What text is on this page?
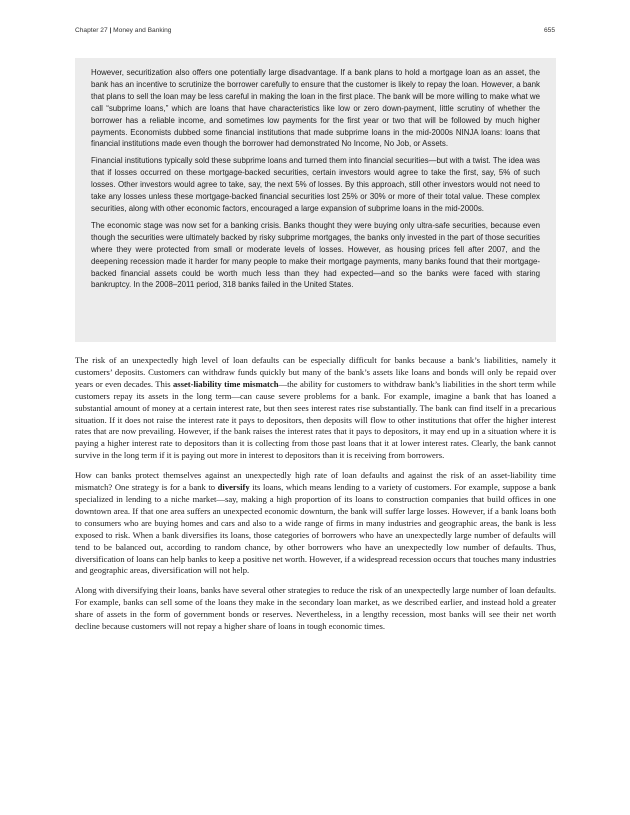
Chapter 27 | Money and Banking	655

However, securitization also offers one potentially large disadvantage. If a bank plans to hold a mortgage loan as an asset, the bank has an incentive to scrutinize the borrower carefully to ensure that the customer is likely to repay the loan. However, a bank that plans to sell the loan may be less careful in making the loan in the first place. The bank will be more willing to make what we call “subprime loans,” which are loans that have characteristics like low or zero down-payment, little scrutiny of whether the borrower has a reliable income, and sometimes low payments for the first year or two that will be followed by much higher payments. Economists dubbed some financial institutions that made subprime loans in the mid-2000s NINJA loans: loans that financial institutions made even though the borrower had demonstrated No Income, No Job, or Assets.

Financial institutions typically sold these subprime loans and turned them into financial securities—but with a twist. The idea was that if losses occurred on these mortgage-backed securities, certain investors would agree to take the first, say, 5% of such losses. Other investors would agree to take, say, the next 5% of losses. By this approach, still other investors would not need to take any losses unless these mortgage-backed financial securities lost 25% or 30% or more of their total value. These complex securities, along with other economic factors, encouraged a large expansion of subprime loans in the mid-2000s.

The economic stage was now set for a banking crisis. Banks thought they were buying only ultra-safe securities, because even though the securities were ultimately backed by risky subprime mortgages, the banks only invested in the part of those securities where they were protected from small or moderate levels of losses. However, as housing prices fell after 2007, and the deepening recession made it harder for many people to make their mortgage payments, many banks found that their mortgage-backed financial assets could be worth much less than they had expected—and so the banks were faced with staring bankruptcy. In the 2008–2011 period, 318 banks failed in the United States.

The risk of an unexpectedly high level of loan defaults can be especially difficult for banks because a bank’s liabilities, namely it customers’ deposits. Customers can withdraw funds quickly but many of the bank’s assets like loans and bonds will only be repaid over years or even decades. This asset-liability time mismatch—the ability for customers to withdraw bank’s liabilities in the short term while customers repay its assets in the long term—can cause severe problems for a bank. For example, imagine a bank that has loaned a substantial amount of money at a certain interest rate, but then sees interest rates rise substantially. The bank can find itself in a precarious situation. If it does not raise the interest rate it pays to depositors, then deposits will flow to other institutions that offer the higher interest rates that are now prevailing. However, if the bank raises the interest rates that it pays to depositors, it may end up in a situation where it is paying a higher interest rate to depositors than it is collecting from those past loans that it at lower interest rates. Clearly, the bank cannot survive in the long term if it is paying out more in interest to depositors than it is receiving from borrowers.

How can banks protect themselves against an unexpectedly high rate of loan defaults and against the risk of an asset-liability time mismatch? One strategy is for a bank to diversify its loans, which means lending to a variety of customers. For example, suppose a bank specialized in lending to a niche market—say, making a high proportion of its loans to construction companies that build offices in one downtown area. If that one area suffers an unexpected economic downturn, the bank will suffer large losses. However, if a bank loans both to consumers who are buying homes and cars and also to a wide range of firms in many industries and geographic areas, the bank is less exposed to risk. When a bank diversifies its loans, those categories of borrowers who have an unexpectedly large number of defaults will tend to be balanced out, according to random chance, by other borrowers who have an unexpectedly low number of defaults. Thus, diversification of loans can help banks to keep a positive net worth. However, if a widespread recession occurs that touches many industries and geographic areas, diversification will not help.

Along with diversifying their loans, banks have several other strategies to reduce the risk of an unexpectedly large number of loan defaults. For example, banks can sell some of the loans they make in the secondary loan market, as we described earlier, and instead hold a greater share of assets in the form of government bonds or reserves. Nevertheless, in a lengthy recession, most banks will see their net worth decline because customers will not repay a higher share of loans in tough economic times.
